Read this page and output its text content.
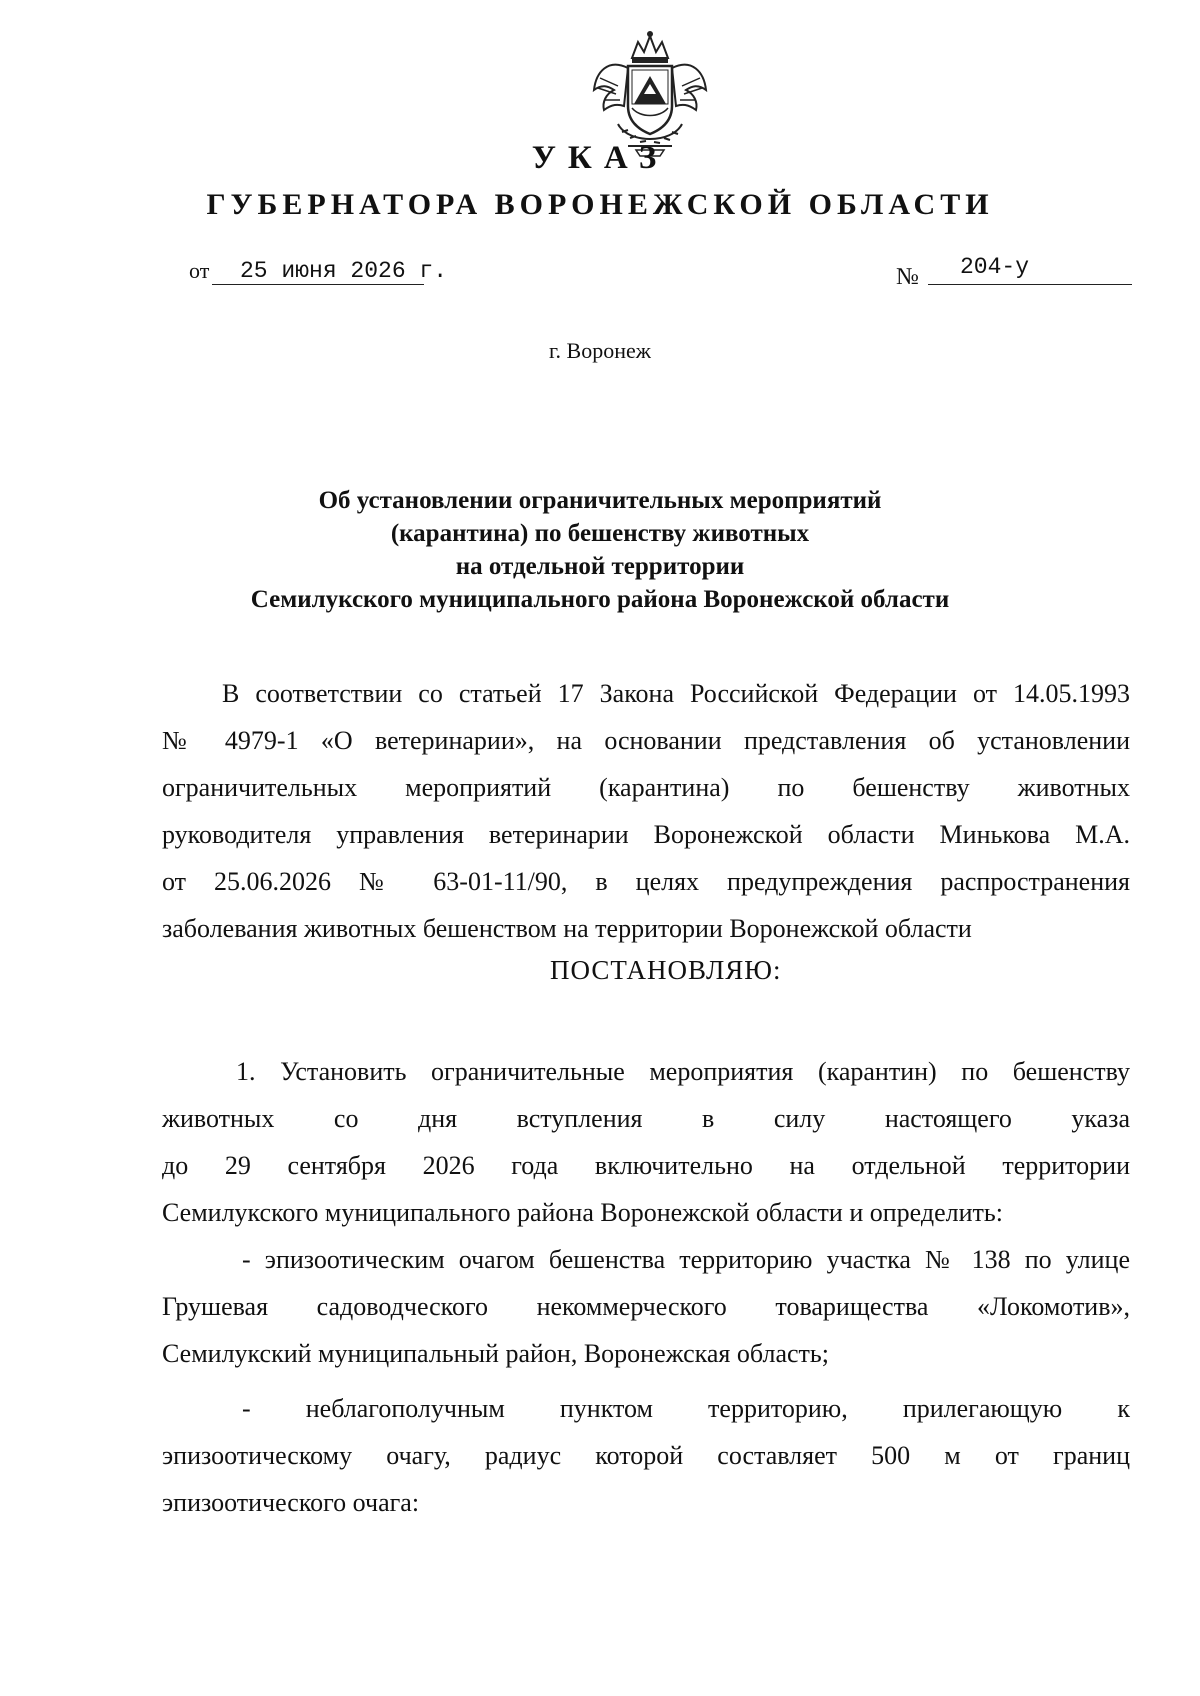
УКАЗ
ГУБЕРНАТОРА ВОРОНЕЖСКОЙ ОБЛАСТИ
от 25 июня 2026 г.	№ 204-у
г. Воронеж
Об установлении ограничительных мероприятий
(карантина) по бешенству животных
на отдельной территории
Семилукского муниципального района Воронежской области
В соответствии со статьей 17 Закона Российской Федерации от 14.05.1993
№ 4979-1 «О ветеринарии», на основании представления об установлении
ограничительных мероприятий (карантина) по бешенству животных
руководителя управления ветеринарии Воронежской области Минькова М.А.
от 25.06.2026 № 63-01-11/90, в целях предупреждения распространения
заболевания животных бешенством на территории Воронежской области
ПОСТАНОВЛЯЮ:
1. Установить ограничительные мероприятия (карантин) по бешенству
животных со дня вступления в силу настоящего указа
до 29 сентября 2026 года включительно на отдельной территории
Семилукского муниципального района Воронежской области и определить:
- эпизоотическим очагом бешенства территорию участка № 138 по улице
Грушевая садоводческого некоммерческого товарищества «Локомотив»,
Семилукский муниципальный район, Воронежская область;
- неблагополучным пунктом территорию, прилегающую к
эпизоотическому очагу, радиус которой составляет 500 м от границ
эпизоотического очага:
